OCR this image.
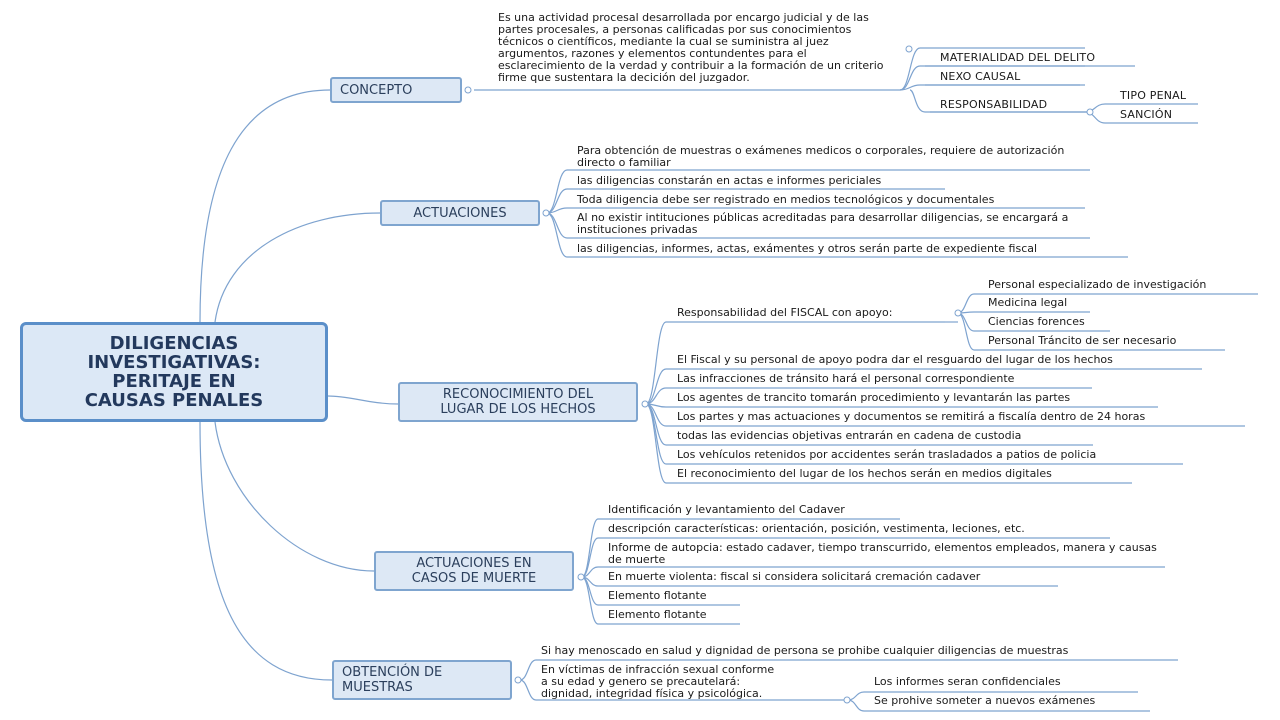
DILIGENCIAS
INVESTIGATIVAS:
PERITAJE EN
CAUSAS PENALES
CONCEPTO
Es una actividad procesal desarrollada por encargo judicial y de las partes procesales, a personas calificadas por sus conocimientos técnicos o científicos, mediante la cual se suministra al juez argumentos, razones y elementos contundentes para el esclarecimiento de la verdad y contribuir a la formación de un criterio firme que sustentara la decición del juzgador.
MATERIALIDAD DEL DELITO
NEXO CAUSAL
RESPONSABILIDAD
TIPO PENAL
SANCIÓN
ACTUACIONES
Para obtención de muestras o exámenes medicos o corporales, requiere de autorización directo o familiar
las diligencias constarán en actas e informes periciales
Toda diligencia debe ser registrado en medios tecnológicos y documentales
Al no existir intituciones públicas acreditadas para desarrollar diligencias, se encargará a instituciones privadas
las diligencias, informes, actas, exámentes y otros serán parte de expediente fiscal
RECONOCIMIENTO DEL
LUGAR DE LOS HECHOS
Responsabilidad del FISCAL con apoyo:
Personal especializado de investigación
Medicina legal
Ciencias forences
Personal Tráncito de ser necesario
El Fiscal y su personal de apoyo podra dar el resguardo del lugar de los hechos
Las infracciones de tránsito hará el personal correspondiente
Los agentes de trancito tomarán procedimiento y levantarán las partes
Los partes y mas actuaciones y documentos se remitirá a fiscalía dentro de 24 horas
todas las evidencias objetivas entrarán en cadena de custodia
Los vehículos retenidos por accidentes serán trasladados a patios de policia
El reconocimiento del lugar de los hechos serán en medios digitales
ACTUACIONES EN
CASOS DE MUERTE
Identificación y levantamiento del Cadaver
descripción características: orientación, posición, vestimenta, leciones, etc.
Informe de autopcia: estado cadaver, tiempo transcurrido, elementos empleados, manera y causas de muerte
En muerte violenta: fiscal si considera solicitará cremación cadaver
Elemento flotante
Elemento flotante
OBTENCIÓN DE
MUESTRAS
Si hay menoscado en salud y dignidad de persona se prohibe cualquier diligencias de muestras
En víctimas de infracción sexual conforme
a su edad y genero se precautelará:
dignidad, integridad física y psicológica.
Los informes seran confidenciales
Se prohive someter a nuevos exámenes
